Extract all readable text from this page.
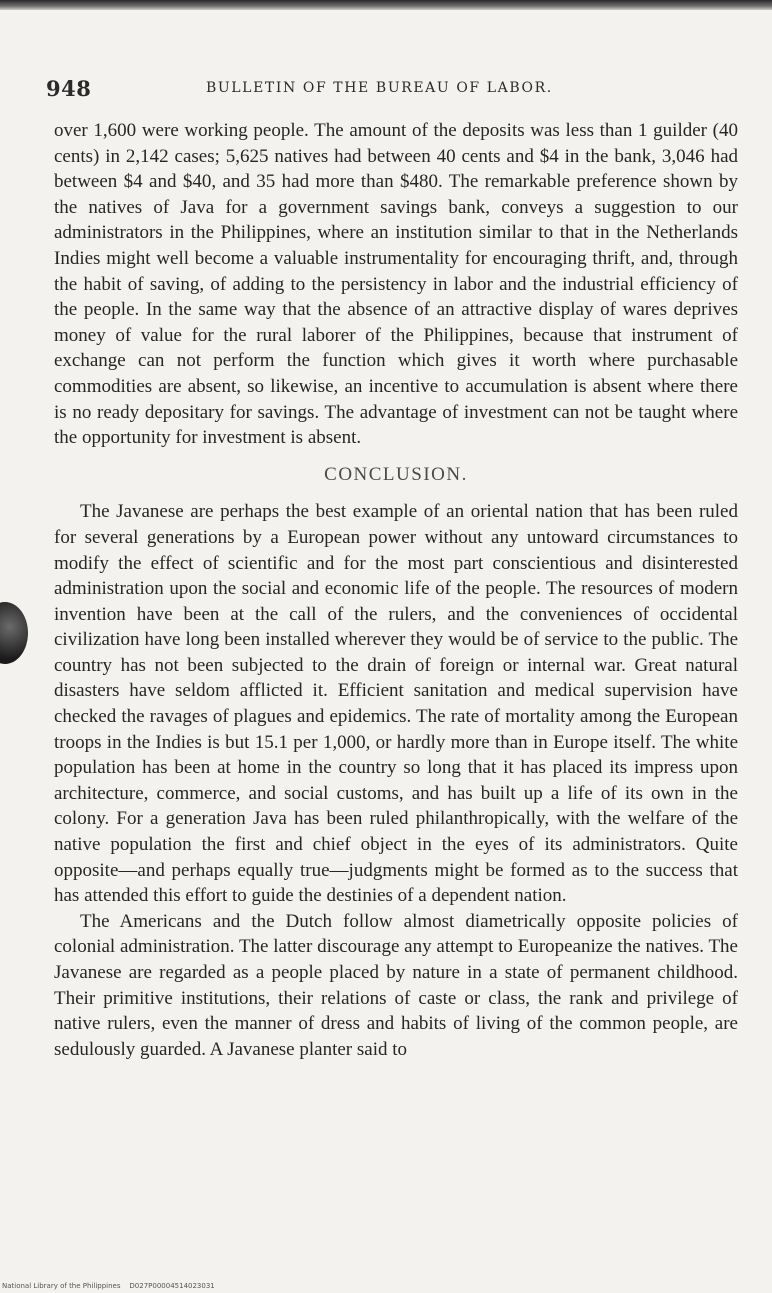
948	BULLETIN OF THE BUREAU OF LABOR.

over 1,600 were working people. The amount of the deposits was less than 1 guilder (40 cents) in 2,142 cases; 5,625 natives had between 40 cents and $4 in the bank, 3,046 had between $4 and $40, and 35 had more than $480. The remarkable preference shown by the natives of Java for a government savings bank, conveys a suggestion to our administrators in the Philippines, where an institution similar to that in the Netherlands Indies might well become a valuable instrumentality for encouraging thrift, and, through the habit of saving, of adding to the persistency in labor and the industrial efficiency of the people. In the same way that the absence of an attractive display of wares deprives money of value for the rural laborer of the Philippines, because that instrument of exchange can not perform the function which gives it worth where purchasable commodities are absent, so likewise, an incentive to accumulation is absent where there is no ready depositary for savings. The advantage of investment can not be taught where the opportunity for investment is absent.

CONCLUSION.

The Javanese are perhaps the best example of an oriental nation that has been ruled for several generations by a European power without any untoward circumstances to modify the effect of scientific and for the most part conscientious and disinterested administration upon the social and economic life of the people. The resources of modern invention have been at the call of the rulers, and the conveniences of occidental civilization have long been installed wherever they would be of service to the public. The country has not been subjected to the drain of foreign or internal war. Great natural disasters have seldom afflicted it. Efficient sanitation and medical supervision have checked the ravages of plagues and epidemics. The rate of mortality among the European troops in the Indies is but 15.1 per 1,000, or hardly more than in Europe itself. The white population has been at home in the country so long that it has placed its impress upon architecture, commerce, and social customs, and has built up a life of its own in the colony. For a generation Java has been ruled philanthropically, with the welfare of the native population the first and chief object in the eyes of its administrators. Quite opposite—and perhaps equally true—judgments might be formed as to the success that has attended this effort to guide the destinies of a dependent nation.

The Americans and the Dutch follow almost diametrically opposite policies of colonial administration. The latter discourage any attempt to Europeanize the natives. The Javanese are regarded as a people placed by nature in a state of permanent childhood. Their primitive institutions, their relations of caste or class, the rank and privilege of native rulers, even the manner of dress and habits of living of the common people, are sedulously guarded. A Javanese planter said to

National Library of the Philippines D027P00004514023031
